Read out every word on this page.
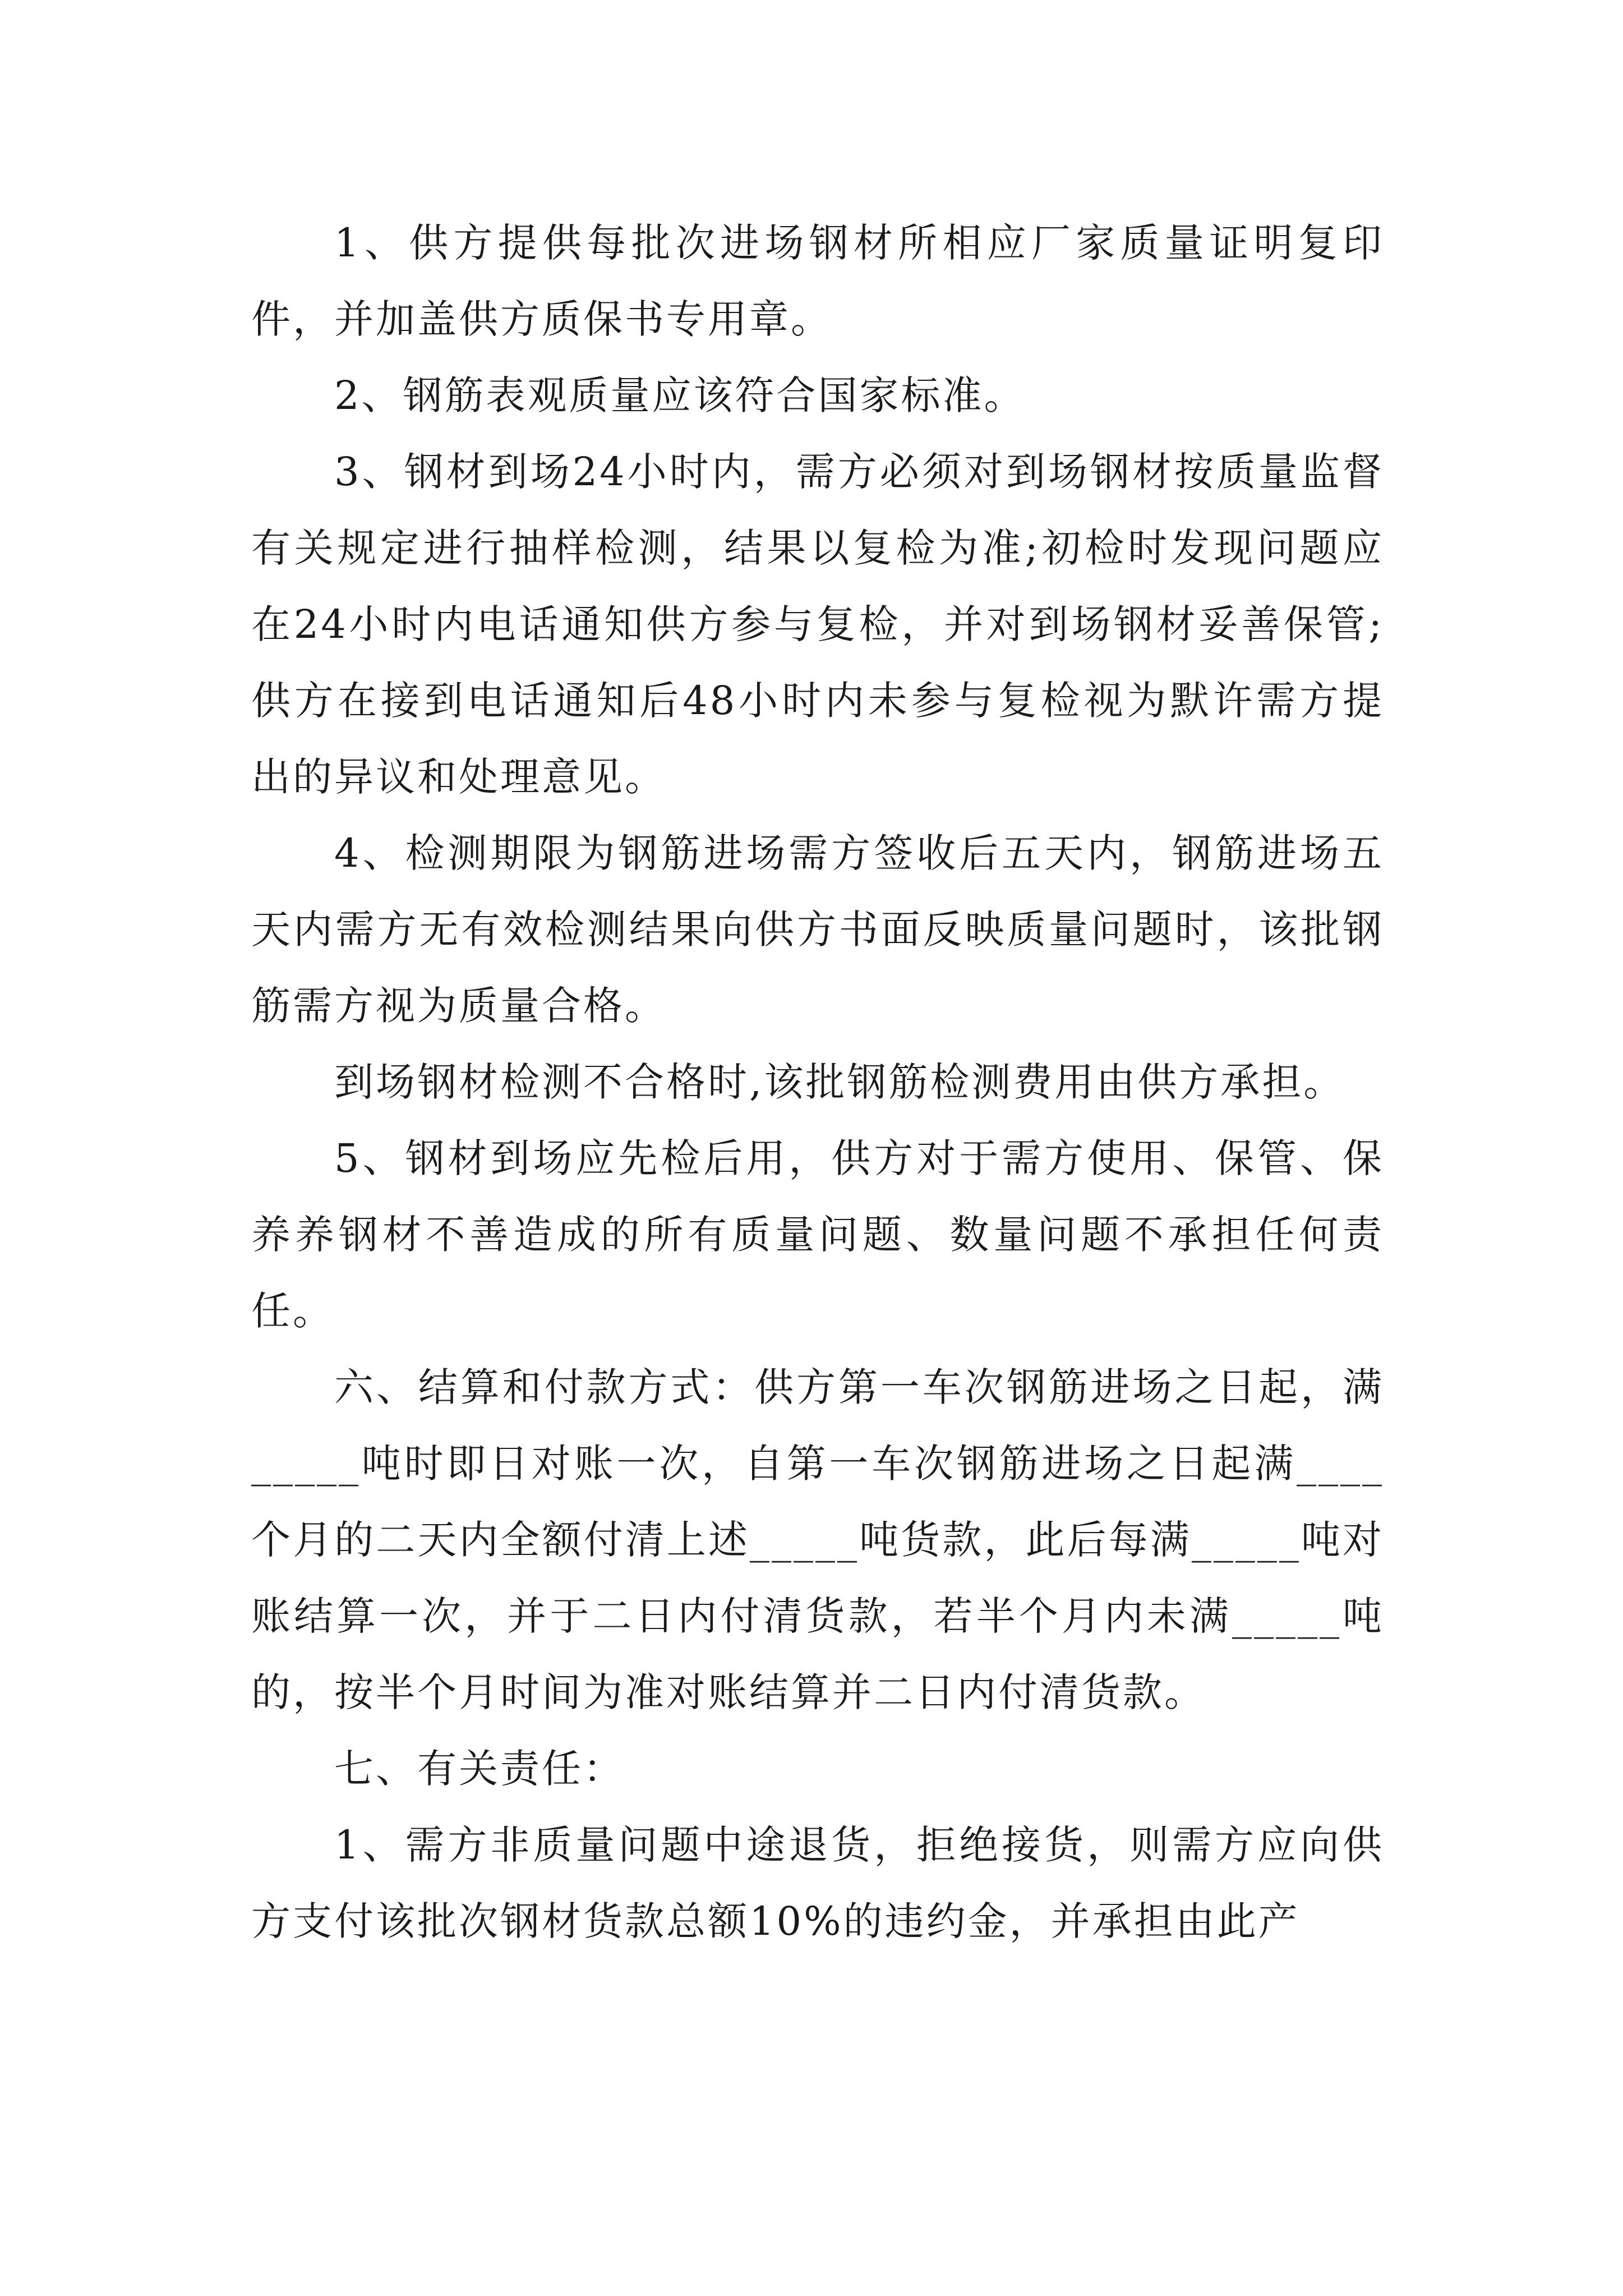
1、供方提供每批次进场钢材所相应厂家质量证明复印件，并加盖供方质保书专用章。

2、钢筋表观质量应该符合国家标准。

3、钢材到场24小时内，需方必须对到场钢材按质量监督有关规定进行抽样检测，结果以复检为准;初检时发现问题应在24小时内电话通知供方参与复检，并对到场钢材妥善保管;供方在接到电话通知后48小时内未参与复检视为默许需方提出的异议和处理意见。

4、检测期限为钢筋进场需方签收后五天内，钢筋进场五天内需方无有效检测结果向供方书面反映质量问题时，该批钢筋需方视为质量合格。

到场钢材检测不合格时,该批钢筋检测费用由供方承担。

5、钢材到场应先检后用，供方对于需方使用、保管、保养养钢材不善造成的所有质量问题、数量问题不承担任何责任。

六、结算和付款方式：供方第一车次钢筋进场之日起，满_____吨时即日对账一次，自第一车次钢筋进场之日起满____个月的二天内全额付清上述_____吨货款，此后每满_____吨对账结算一次，并于二日内付清货款，若半个月内未满_____吨的，按半个月时间为准对账结算并二日内付清货款。

七、有关责任：

1、需方非质量问题中途退货，拒绝接货，则需方应向供方支付该批次钢材货款总额10%的违约金，并承担由此产
